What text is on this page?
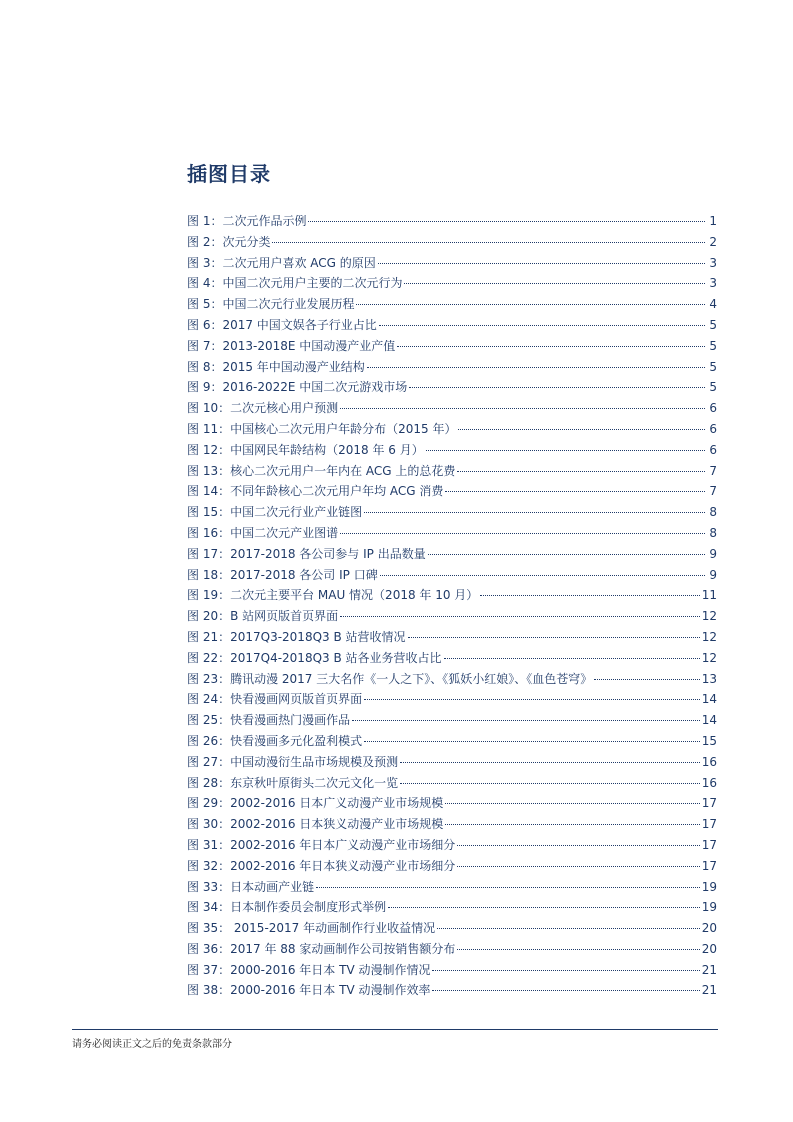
插图目录
图 1：二次元作品示例	1
图 2：次元分类	2
图 3：二次元用户喜欢 ACG 的原因	3
图 4：中国二次元用户主要的二次元行为	3
图 5：中国二次元行业发展历程	4
图 6：2017 中国文娱各子行业占比	5
图 7：2013-2018E 中国动漫产业产值	5
图 8：2015 年中国动漫产业结构	5
图 9：2016-2022E 中国二次元游戏市场	5
图 10：二次元核心用户预测	6
图 11：中国核心二次元用户年龄分布（2015 年）	6
图 12：中国网民年龄结构（2018 年 6 月）	6
图 13：核心二次元用户一年内在 ACG 上的总花费	7
图 14：不同年龄核心二次元用户年均 ACG 消费	7
图 15：中国二次元行业产业链图	8
图 16：中国二次元产业图谱	8
图 17：2017-2018 各公司参与 IP 出品数量	9
图 18：2017-2018 各公司 IP 口碑	9
图 19：二次元主要平台 MAU 情况（2018 年 10 月）	11
图 20：B 站网页版首页界面	12
图 21：2017Q3-2018Q3 B 站营收情况	12
图 22：2017Q4-2018Q3 B 站各业务营收占比	12
图 23：腾讯动漫 2017 三大名作《一人之下》、《狐妖小红娘》、《血色苍穹》	13
图 24：快看漫画网页版首页界面	14
图 25：快看漫画热门漫画作品	14
图 26：快看漫画多元化盈利模式	15
图 27：中国动漫衍生品市场规模及预测	16
图 28：东京秋叶原街头二次元文化一览	16
图 29：2002-2016 日本广义动漫产业市场规模	17
图 30：2002-2016 日本狭义动漫产业市场规模	17
图 31：2002-2016 年日本广义动漫产业市场细分	17
图 32：2002-2016 年日本狭义动漫产业市场细分	17
图 33：日本动画产业链	19
图 34：日本制作委员会制度形式举例	19
图 35： 2015-2017 年动画制作行业收益情况	20
图 36：2017 年 88 家动画制作公司按销售额分布	20
图 37：2000-2016 年日本 TV 动漫制作情况	21
图 38：2000-2016 年日本 TV 动漫制作效率	21
请务必阅读正文之后的免责条款部分
